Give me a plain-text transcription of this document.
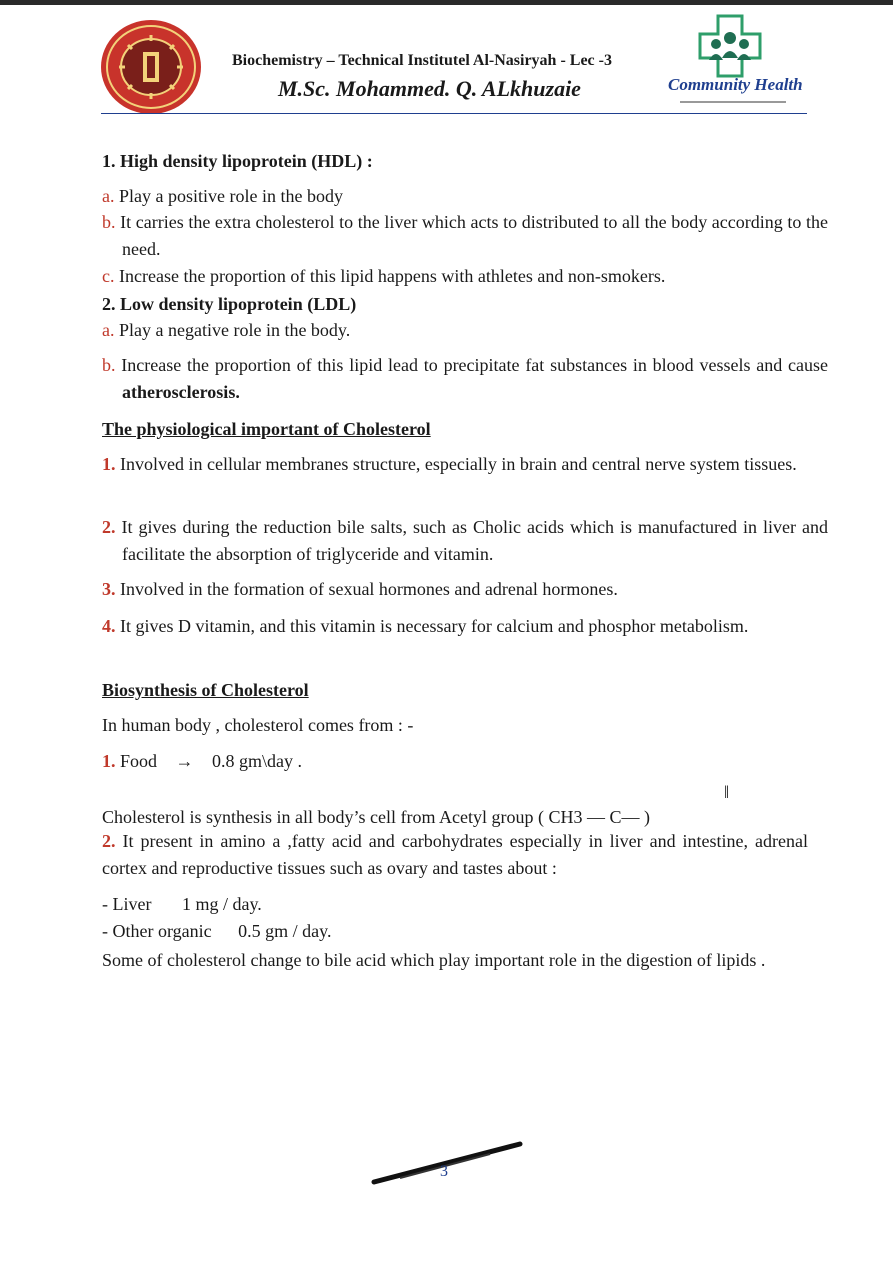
Biochemistry – Technical Institutel Al-Nasiryah - Lec -3
M.Sc. Mohammed. Q. ALkhuzaie	Community Health
1. High density lipoprotein (HDL) :
a. Play a positive role in the body
b. It carries the extra cholesterol to the liver which acts to distributed to all the body according to the need.
c. Increase the proportion of this lipid happens with athletes and non-smokers.
2. Low density lipoprotein (LDL)
a. Play a negative role in the body.
b. Increase the proportion of this lipid lead to precipitate fat substances in blood vessels and cause atherosclerosis.
The physiological important of Cholesterol
1. Involved in cellular membranes structure, especially in brain and central nerve system tissues.
2. It gives during the reduction bile salts, such as Cholic acids which is manufactured in liver and facilitate the absorption of triglyceride and vitamin.
3. Involved in the formation of sexual hormones and adrenal hormones.
4. It gives D vitamin, and this vitamin is necessary for calcium and phosphor metabolism.
Biosynthesis of Cholesterol
In human body , cholesterol comes from : -
1. Food → 0.8 gm\day .
‖
Cholesterol is synthesis in all body’s cell from Acetyl group ( CH3 — C— )
2. It present in amino a ,fatty acid and carbohydrates especially in liver and intestine, adrenal cortex and reproductive tissues such as ovary and tastes about :
- Liver 1 mg / day.
- Other organic 0.5 gm / day.
Some of cholesterol change to bile acid which play important role in the digestion of lipids .
3
